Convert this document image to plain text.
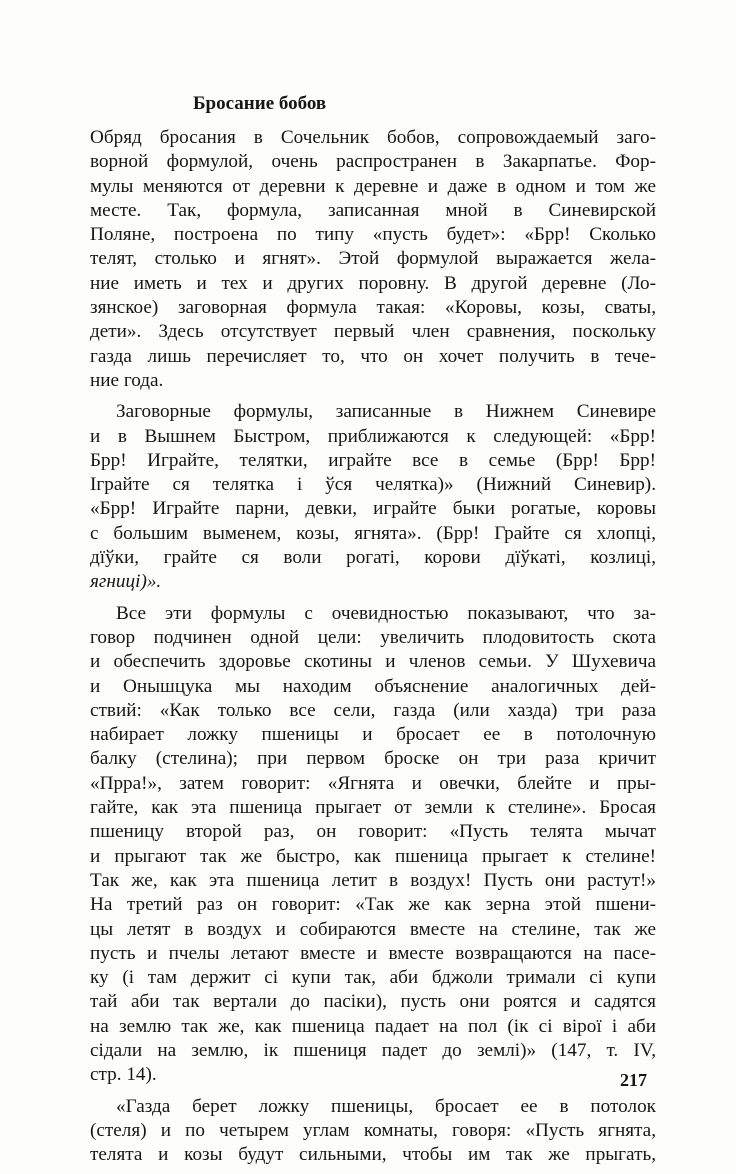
Бросание бобов

Обряд бросания в Сочельник бобов, сопровождаемый заго-
ворной формулой, очень распространен в Закарпатье. Фор-
мулы меняются от деревни к деревне и даже в одном и том же
месте. Так, формула, записанная мной в Синевирской
Поляне, построена по типу «пусть будет»: «Брр! Сколько
телят, столько и ягнят». Этой формулой выражается жела-
ние иметь и тех и других поровну. В другой деревне (Ло-
зянское) заговорная формула такая: «Коровы, козы, сваты,
дети». Здесь отсутствует первый член сравнения, поскольку
газда лишь перечисляет то, что он хочет получить в тече-
ние года.

Заговорные формулы, записанные в Нижнем Синевире
и в Вышнем Быстром, приближаются к следующей: «Брр!
Брр! Играйте, телятки, играйте все в семье (Брр! Брр!
Іграйте ся телятка і ўся челятка)» (Нижний Синевир).
«Брр! Играйте парни, девки, играйте быки рогатые, коровы
с большим выменем, козы, ягнята». (Брр! Грайте ся хлопці,
дїўки, грайте ся воли рогаті, корови дїўкаті, козлиці,
ягниці)».

Все эти формулы с очевидностью показывают, что за-
говор подчинен одной цели: увеличить плодовитость скота
и обеспечить здоровье скотины и членов семьи. У Шухевича
и Онышцука мы находим объяснение аналогичных дей-
ствий: «Как только все сели, газда (или хазда) три раза
набирает ложку пшеницы и бросает ее в потолочную
балку (стелина); при первом броске он три раза кричит
«Прра!», затем говорит: «Ягнята и овечки, блейте и пры-
гайте, как эта пшеница прыгает от земли к стелине». Бросая
пшеницу второй раз, он говорит: «Пусть телята мычат
и прыгают так же быстро, как пшеница прыгает к стелине!
Так же, как эта пшеница летит в воздух! Пусть они растут!»
На третий раз он говорит: «Так же как зерна этой пшени-
цы летят в воздух и собираются вместе на стелине, так же
пусть и пчелы летают вместе и вместе возвращаются на пасе-
ку (і там держит сі купи так, аби бджоли тримали сі купи
тай аби так вертали до пасіки), пусть они роятся и садятся
на землю так же, как пшеница падает на пол (ік сі вірої і аби
сідали на землю, ік пшениця падет до землі)» (147, т. IV,
стр. 14).

«Газда берет ложку пшеницы, бросает ее в потолок
(стеля) и по четырем углам комнаты, говоря: «Пусть ягнята,
телята и козы будут сильными, чтобы им так же прыгать,

217
